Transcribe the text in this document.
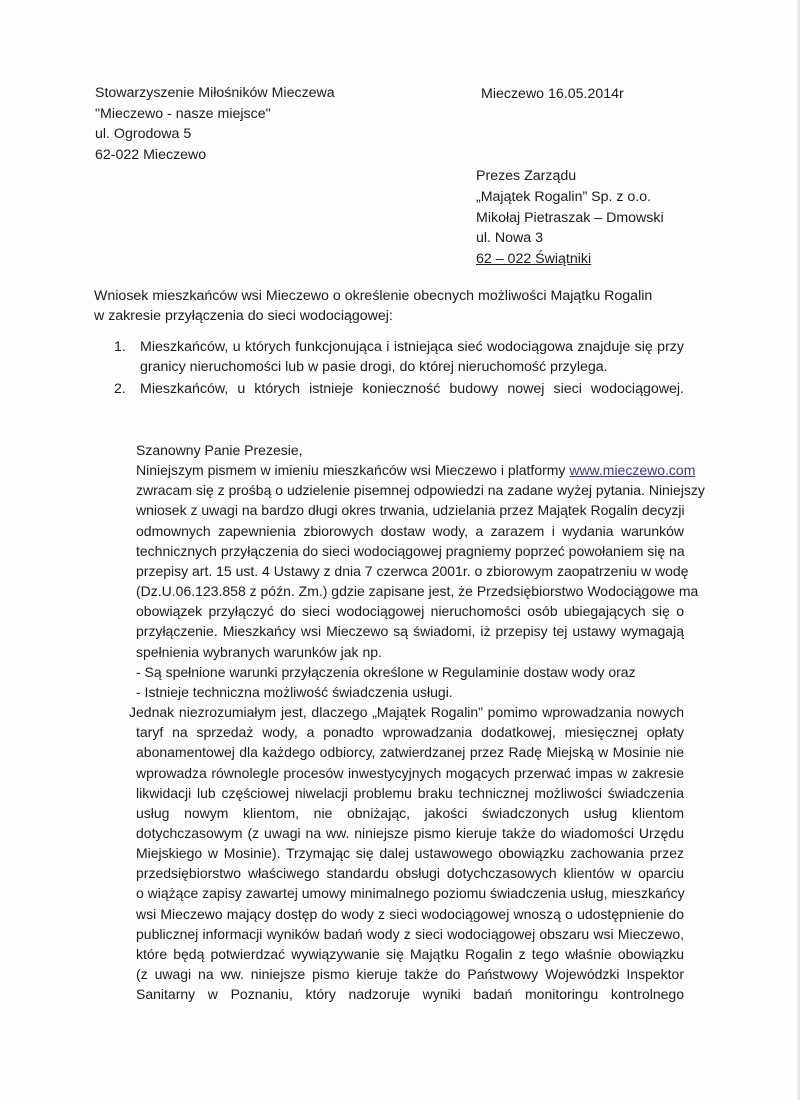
Stowarzyszenie Miłośników Mieczewa
"Mieczewo - nasze miejsce"
ul. Ogrodowa 5
62-022 Mieczewo
Mieczewo 16.05.2014r
Prezes Zarządu
„Majątek Rogalin” Sp. z o.o.
Mikołaj Pietraszak – Dmowski
ul. Nowa 3
62 – 022 Świątniki
Wniosek mieszkańców wsi Mieczewo o określenie obecnych możliwości Majątku Rogalin
w zakresie przyłączenia do sieci wodociągowej:
1. Mieszkańców, u których funkcjonująca i istniejąca sieć wodociągowa znajduje się przy
granicy nieruchomości lub w pasie drogi, do której nieruchomość przylega.
2. Mieszkańców, u których istnieje konieczność budowy nowej sieci wodociągowej.
Szanowny Panie Prezesie,
Niniejszym pismem w imieniu mieszkańców wsi Mieczewo i platformy www.mieczewo.com
zwracam się z prośbą o udzielenie pisemnej odpowiedzi na zadane wyżej pytania. Niniejszy
wniosek z uwagi na bardzo długi okres trwania, udzielania przez Majątek Rogalin decyzji
odmownych zapewnienia zbiorowych dostaw wody, a zarazem i wydania warunków
technicznych przyłączenia do sieci wodociągowej pragniemy poprzeć powołaniem się na
przepisy art. 15 ust. 4 Ustawy z dnia 7 czerwca 2001r. o zbiorowym zaopatrzeniu w wodę
(Dz.U.06.123.858 z późn. Zm.) gdzie zapisane jest, że Przedsiębiorstwo Wodociągowe ma
obowiązek przyłączyć do sieci wodociągowej nieruchomości osób ubiegających się o
przyłączenie. Mieszkańcy wsi Mieczewo są świadomi, iż przepisy tej ustawy wymagają
spełnienia wybranych warunków jak np.
- Są spełnione warunki przyłączenia określone w Regulaminie dostaw wody oraz
- Istnieje techniczna możliwość świadczenia usługi.
Jednak niezrozumiałym jest, dlaczego „Majątek Rogalin” pomimo wprowadzania nowych
taryf na sprzedaż wody, a ponadto wprowadzania dodatkowej, miesięcznej opłaty
abonamentowej dla każdego odbiorcy, zatwierdzanej przez Radę Miejską w Mosinie nie
wprowadza równolegle procesów inwestycyjnych mogących przerwać impas w zakresie
likwidacji lub częściowej niwelacji problemu braku technicznej możliwości świadczenia
usług nowym klientom, nie obniżając, jakości świadczonych usług klientom
dotychczasowym (z uwagi na ww. niniejsze pismo kieruje także do wiadomości Urzędu
Miejskiego w Mosinie). Trzymając się dalej ustawowego obowiązku zachowania przez
przedsiębiorstwo właściwego standardu obsługi dotychczasowych klientów w oparciu
o wiążące zapisy zawartej umowy minimalnego poziomu świadczenia usług, mieszkańcy
wsi Mieczewo mający dostęp do wody z sieci wodociągowej wnoszą o udostępnienie do
publicznej informacji wyników badań wody z sieci wodociągowej obszaru wsi Mieczewo,
które będą potwierdzać wywiązywanie się Majątku Rogalin z tego właśnie obowiązku
(z uwagi na ww. niniejsze pismo kieruje także do Państwowy Wojewódzki Inspektor
Sanitarny w Poznaniu, który nadzoruje wyniki badań monitoringu kontrolnego
